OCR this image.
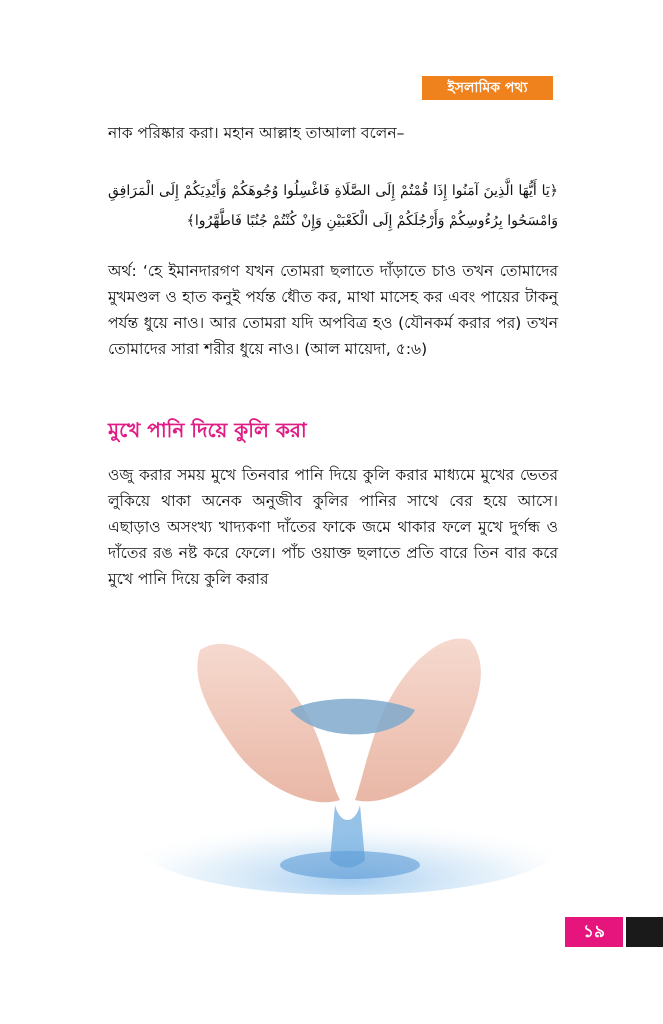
ইসলামিক পথ্য

নাক পরিষ্কার করা। মহান আল্লাহ তাআলা বলেন–

﴿يَا أَيُّهَا الَّذِينَ آمَنُوا إِذَا قُمْتُمْ إِلَى الصَّلَاةِ فَاغْسِلُوا وُجُوهَكُمْ وَأَيْدِيَكُمْ إِلَى الْمَرَافِقِ وَامْسَحُوا بِرُءُوسِكُمْ وَأَرْجُلَكُمْ إِلَى الْكَعْبَيْنِ وَإِنْ كُنْتُمْ جُنُبًا فَاطَّهَّرُوا﴾

অর্থ: ‘হে ইমানদারগণ যখন তোমরা ছলাতে দাঁড়াতে চাও তখন তোমাদের মুখমণ্ডল ও হাত কনুই পর্যন্ত ধৌত কর, মাথা মাসেহ কর এবং পায়ের টাকনু পর্যন্ত ধুয়ে নাও। আর তোমরা যদি অপবিত্র হও (যৌনকর্ম করার পর) তখন তোমাদের সারা শরীর ধুয়ে নাও। (আল মায়েদা, ৫:৬)

মুখে পানি দিয়ে কুলি করা

ওজু করার সময় মুখে তিনবার পানি দিয়ে কুলি করার মাধ্যমে মুখের ভেতর লুকিয়ে থাকা অনেক অনুজীব কুলির পানির সাথে বের হয়ে আসে। এছাড়াও অসংখ্য খাদ্যকণা দাঁতের ফাকে জমে থাকার ফলে মুখে দুর্গন্ধ ও দাঁতের রঙ নষ্ট করে ফেলে। পাঁচ ওয়াক্ত ছলাতে প্রতি বারে তিন বার করে মুখে পানি দিয়ে কুলি করার

১৯
